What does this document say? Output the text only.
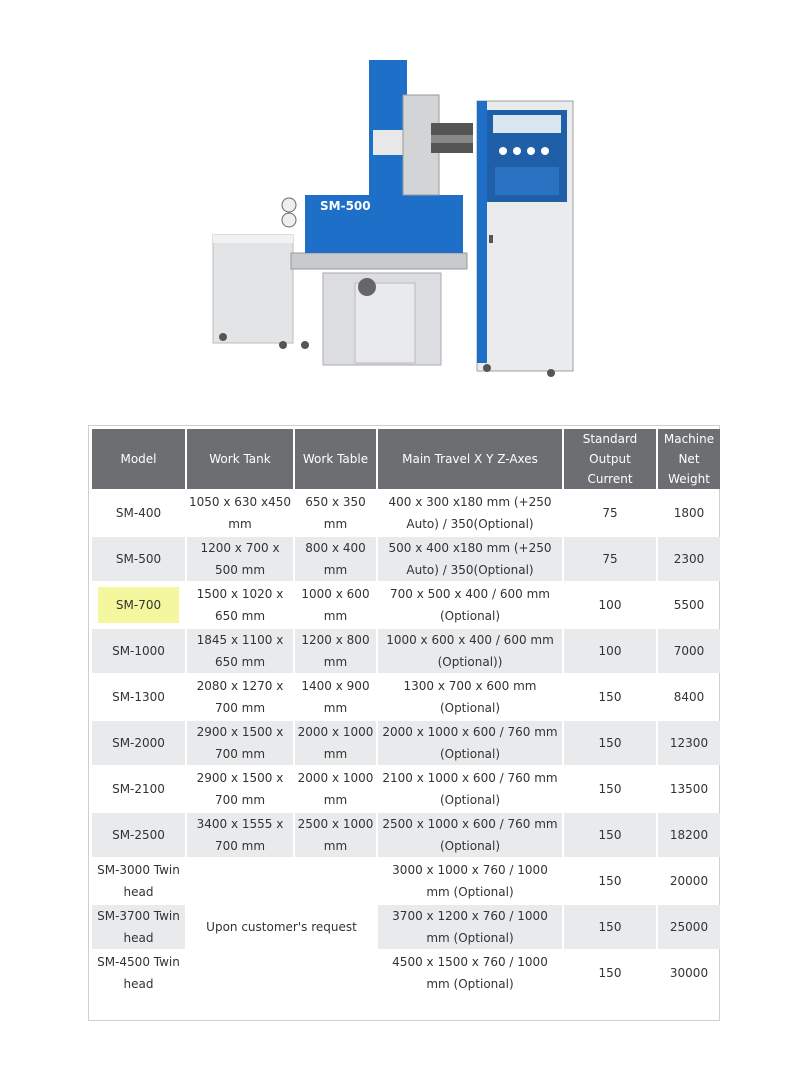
SM-500
Model	Work Tank	Work Table	Main Travel X Y Z-Axes	Standard Output Current	Machine Net Weight
SM-400	1050 x 630 x450 mm	650 x 350 mm	400 x 300 x180 mm (+250 Auto) / 350(Optional)	75	1800
SM-500	1200 x 700 x 500 mm	800 x 400 mm	500 x 400 x180 mm (+250 Auto) / 350(Optional)	75	2300
SM-700	1500 x 1020 x 650 mm	1000 x 600 mm	700 x 500 x 400 / 600 mm (Optional)	100	5500
SM-1000	1845 x 1100 x 650 mm	1200 x 800 mm	1000 x 600 x 400 / 600 mm (Optional))	100	7000
SM-1300	2080 x 1270 x 700 mm	1400 x 900 mm	1300 x 700 x 600 mm (Optional)	150	8400
SM-2000	2900 x 1500 x 700 mm	2000 x 1000 mm	2000 x 1000 x 600 / 760 mm (Optional)	150	12300
SM-2100	2900 x 1500 x 700 mm	2000 x 1000 mm	2100 x 1000 x 600 / 760 mm (Optional)	150	13500
SM-2500	3400 x 1555 x 700 mm	2500 x 1000 mm	2500 x 1000 x 600 / 760 mm (Optional)	150	18200
SM-3000 Twin head	Upon customer's request		3000 x 1000 x 760 / 1000 mm (Optional)	150	20000
SM-3700 Twin head			3700 x 1200 x 760 / 1000 mm (Optional)	150	25000
SM-4500 Twin head			4500 x 1500 x 760 / 1000 mm (Optional)	150	30000
